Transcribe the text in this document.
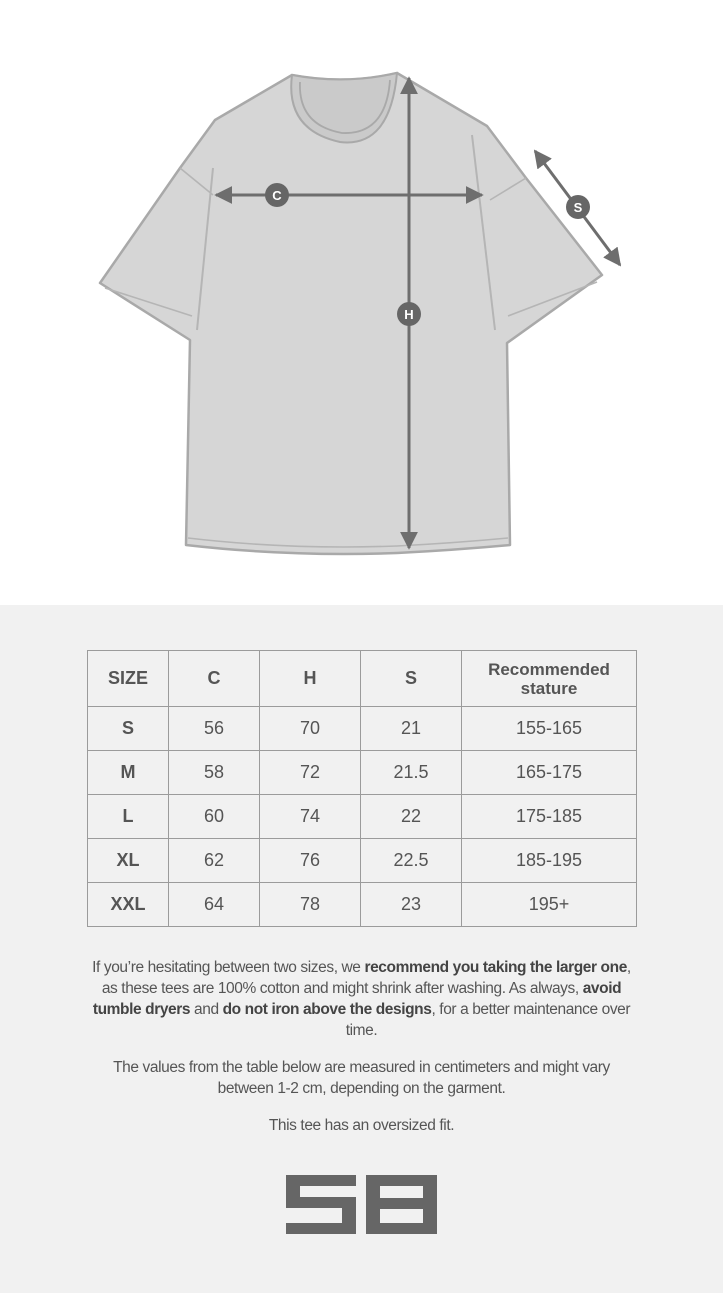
C
H
S
SIZE	C	H	S	Recommended
stature
S	56	70	21	155-165
M	58	72	21.5	165-175
L	60	74	22	175-185
XL	62	76	22.5	185-195
XXL	64	78	23	195+

If you’re hesitating between two sizes, we recommend you taking the larger one, as these tees are 100% cotton and might shrink after washing. As always, avoid tumble dryers and do not iron above the designs, for a better maintenance over time.

The values from the table below are measured in centimeters and might vary between 1-2 cm, depending on the garment.

This tee has an oversized fit.
